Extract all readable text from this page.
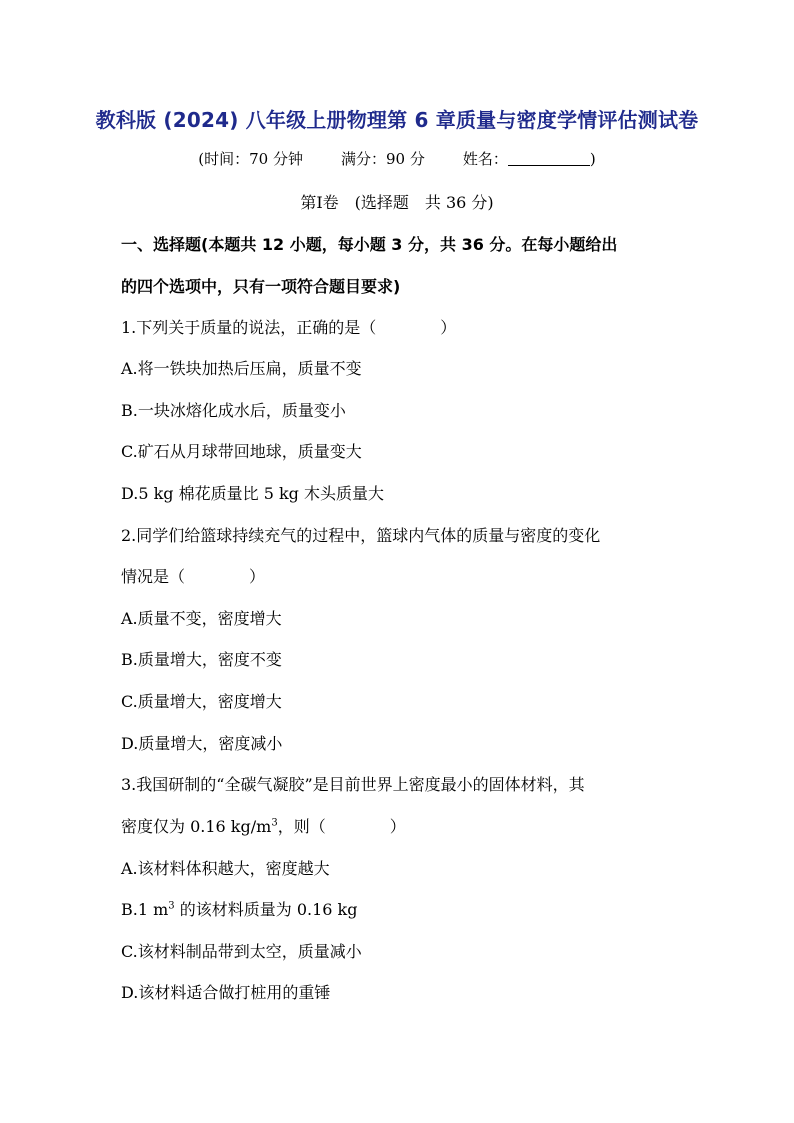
教科版 (2024) 八年级上册物理第 6 章质量与密度学情评估测试卷
(时间：70 分钟	满分：90 分	姓名：	)
第Ⅰ卷　(选择题　共 36 分)
一、选择题(本题共 12 小题，每小题 3 分，共 36 分。在每小题给出
的四个选项中，只有一项符合题目要求)
1.下列关于质量的说法，正确的是（	）
A.将一铁块加热后压扁，质量不变
B.一块冰熔化成水后，质量变小
C.矿石从月球带回地球，质量变大
D.5 kg 棉花质量比 5 kg 木头质量大
2.同学们给篮球持续充气的过程中，篮球内气体的质量与密度的变化
情况是（	）
A.质量不变，密度增大
B.质量增大，密度不变
C.质量增大，密度增大
D.质量增大，密度减小
3.我国研制的“全碳气凝胶”是目前世界上密度最小的固体材料，其
密度仅为 0.16 $kg/m^3$，则（	）
A.该材料体积越大，密度越大
B.1 $m^3$ 的该材料质量为 0.16 kg
C.该材料制品带到太空，质量减小
D.该材料适合做打桩用的重锤
